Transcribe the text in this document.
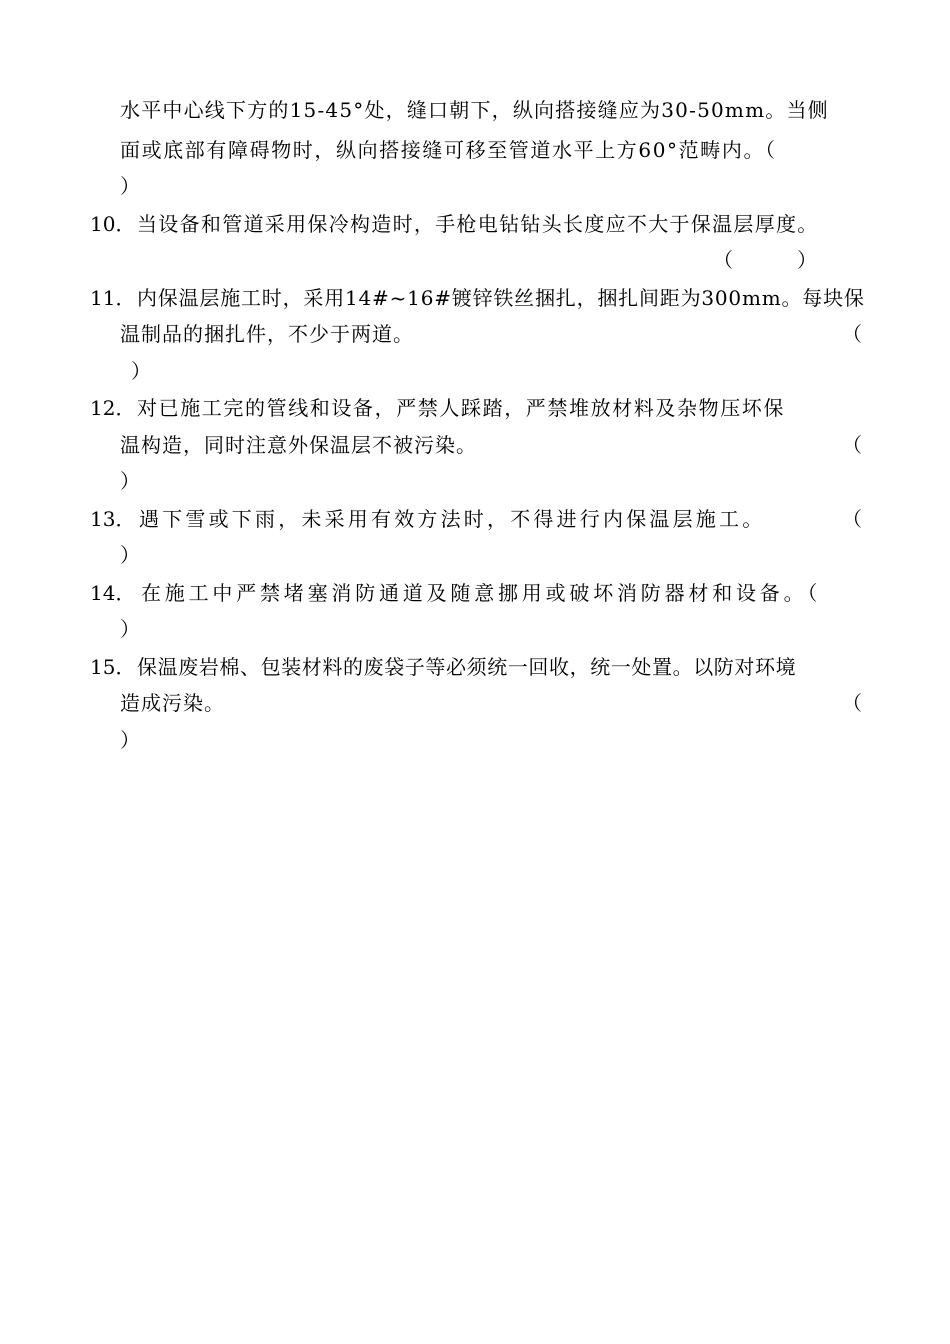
水平中心线下方的15-45°处，缝口朝下，纵向搭接缝应为30-50mm。当侧
面或底部有障碍物时，纵向搭接缝可移至管道水平上方60°范畴内。（
）
10． 当设备和管道采用保冷构造时，手枪电钻钻头长度应不大于保温层厚度。
（　　　）
11． 内保温层施工时，采用14#~16#镀锌铁丝捆扎，捆扎间距为300mm。每块保
温制品的捆扎件，不少于两道。	（
）
12． 对已施工完的管线和设备，严禁人踩踏，严禁堆放材料及杂物压坏保
温构造，同时注意外保温层不被污染。	（
）
13． 遇下雪或下雨，未采用有效方法时，不得进行内保温层施工。	（
）
14． 在施工中严禁堵塞消防通道及随意挪用或破坏消防器材和设备。（
）
15． 保温废岩棉、包装材料的废袋子等必须统一回收，统一处置。以防对环境
造成污染。	（
）
